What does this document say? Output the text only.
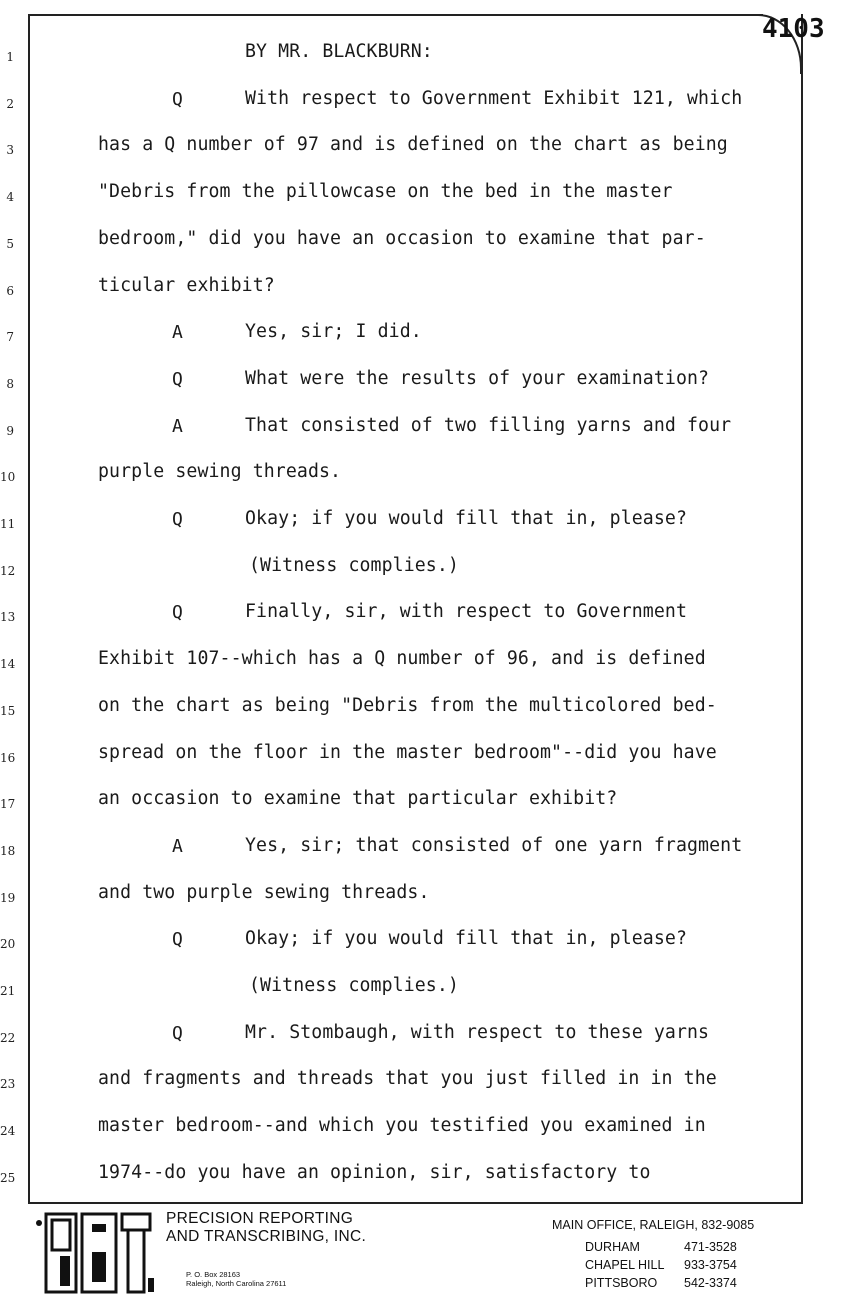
4103
1	BY MR. BLACKBURN:
2	Q	With respect to Government Exhibit 121, which
3	has a Q number of 97 and is defined on the chart as being
4	"Debris from the pillowcase on the bed in the master
5	bedroom," did you have an occasion to examine that par-
6	ticular exhibit?
7	A	Yes, sir; I did.
8	Q	What were the results of your examination?
9	A	That consisted of two filling yarns and four
10	purple sewing threads.
11	Q	Okay; if you would fill that in, please?
12	(Witness complies.)
13	Q	Finally, sir, with respect to Government
14	Exhibit 107--which has a Q number of 96, and is defined
15	on the chart as being "Debris from the multicolored bed-
16	spread on the floor in the master bedroom"--did you have
17	an occasion to examine that particular exhibit?
18	A	Yes, sir; that consisted of one yarn fragment
19	and two purple sewing threads.
20	Q	Okay; if you would fill that in, please?
21	(Witness complies.)
22	Q	Mr. Stombaugh, with respect to these yarns
23	and fragments and threads that you just filled in in the
24	master bedroom--and which you testified you examined in
25	1974--do you have an opinion, sir, satisfactory to
PRECISION REPORTING
AND TRANSCRIBING, INC.
P. O. Box 28163
Raleigh, North Carolina 27611
MAIN OFFICE, RALEIGH, 832-9085
DURHAM	471-3528
CHAPEL HILL 933-3754
PITTSBORO 542-3374
